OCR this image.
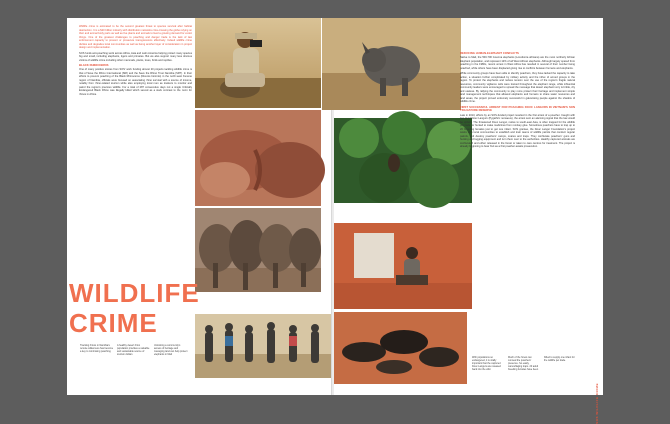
Wildlife crime is estimated to be the second greatest threat to species survival after habitat destruction. It is a $20 billion industry with distribution networks criss-crossing the globe relying on their and animal body parts as well as live plants and animals to feed a growing demand for exotic things. One of the greatest challenges to poaching and danger trade is the lack of law enforcement capacity to prevent or prosecute transgressions effectively. Indeed wildlife crime divides and degrades local communities as well as being another layer of consideration in project design and implementation.

SOS funds anti-poaching work across Africa, Asia and Latin America helping protect many species big and small, including elephants, tigers and primates. But we also support many less obvious victims of wildlife crime including other mammals, plants, trees, birds and reptiles.

BLACK RHINOCEROS

One of many positive stories from SOS' work funding almost 20 projects tackling wildlife crime is that of Save the Rhino International (SRI) and the Save the Rhino Trust Namibia (SRT). In their efforts to prevent poaching of the Black Rhinoceros (Diceros bicornis) in the north-west Kunene region of Namibia, officials were focused on associating rhino survival with a source of income, notably from rhino-related tourism while also employing local men as trackers to monitor and patrol the region's precious wildlife. For a total of 287 consecutive days not a single Critically Endangered Black Rhino was illegally killed which served as a stark contrast to the norm for rhinos in Africa.

WILDLIFE
CRIME
Tracking rhinos in Namibia's remote wilderness has become a key to minimising poaching
A healthy desert rhino population provides a valuable and sustainable source of tourism dollars
Unlocking a community's access of heritage and managing land can help protect elephants in Mali
REDUCING HUMAN-ELEPHANT CONFLICTS

Native to Mali, the 500-700 Gourma elephants (Loxodonta africana) are the most northerly African Elephant population, and represent 12% of all West African elephants. Although largely spared from poaching in the 1980s, recent unrest in West Africa has resulted in several of their number being poached, while others have been displaced giving rise to conflicts between humans and elephants.

While community groups have been able to identify poachers, they have lacked the capacity to take action, a situation further complicated by military activity and the influx of armed groups in the region. To protect the elephants and reduce tension over the use of the region's fragile natural resources, community vigilance cells were trained throughout the elephant range, while influential community leaders were encouraged to spread the message that desert elephant ivory is brittle, dry and useless. By rallying the community to play more protect their heritage and implement simple land management techniques that allowed elephants and humans to share water resources and land areas, the project proved extremely successful in galvanising people against the shadow of wildlife crime.

FIRST SUCCESSFUL ARREST FOR POACHING DOUC LANGURS IN VIETNAM'S SON TRA NATURE RESERVE

Late in 2013, efforts by an SOS-funded project resulted in the first arrest of a poacher. Caught with two dead Douc Langurs (Pygathrix nemaeus), the arrest sent an alarming signal that the law would be upheld. The threatened Douc Langur, native to south-east Asia, is often trapped for the wildlife pet trade, or hunted to make medicines from monkey glue. Sometimes poachers have to trap up to 20 breeding females just to get one infant. SOS grantee, the Douc Langur Foundation's project works with local communities to establish and train teams of wildlife patrols that conduct regular patrols, and destroy poachers' camps, snares and traps. They confiscate poachers' guns and hunting and logging equipment and turn them over to the authorities. Healthy captured animals are confiscated and either released in the forest or taken to care centres for treatment. The project is already beginning to bear fruit as a first poacher awaits prosecution.

With populations so endangered, it is vitally important that the captured Douc Langurs are released back into the wild.
Much of the forest can conceal the poachers' presence. So easily, camouflaging traps. 20 adult breeding females have been
Killed to supply one infant for the wildlife pet trade.
SOS WILDLIFE CRIME
